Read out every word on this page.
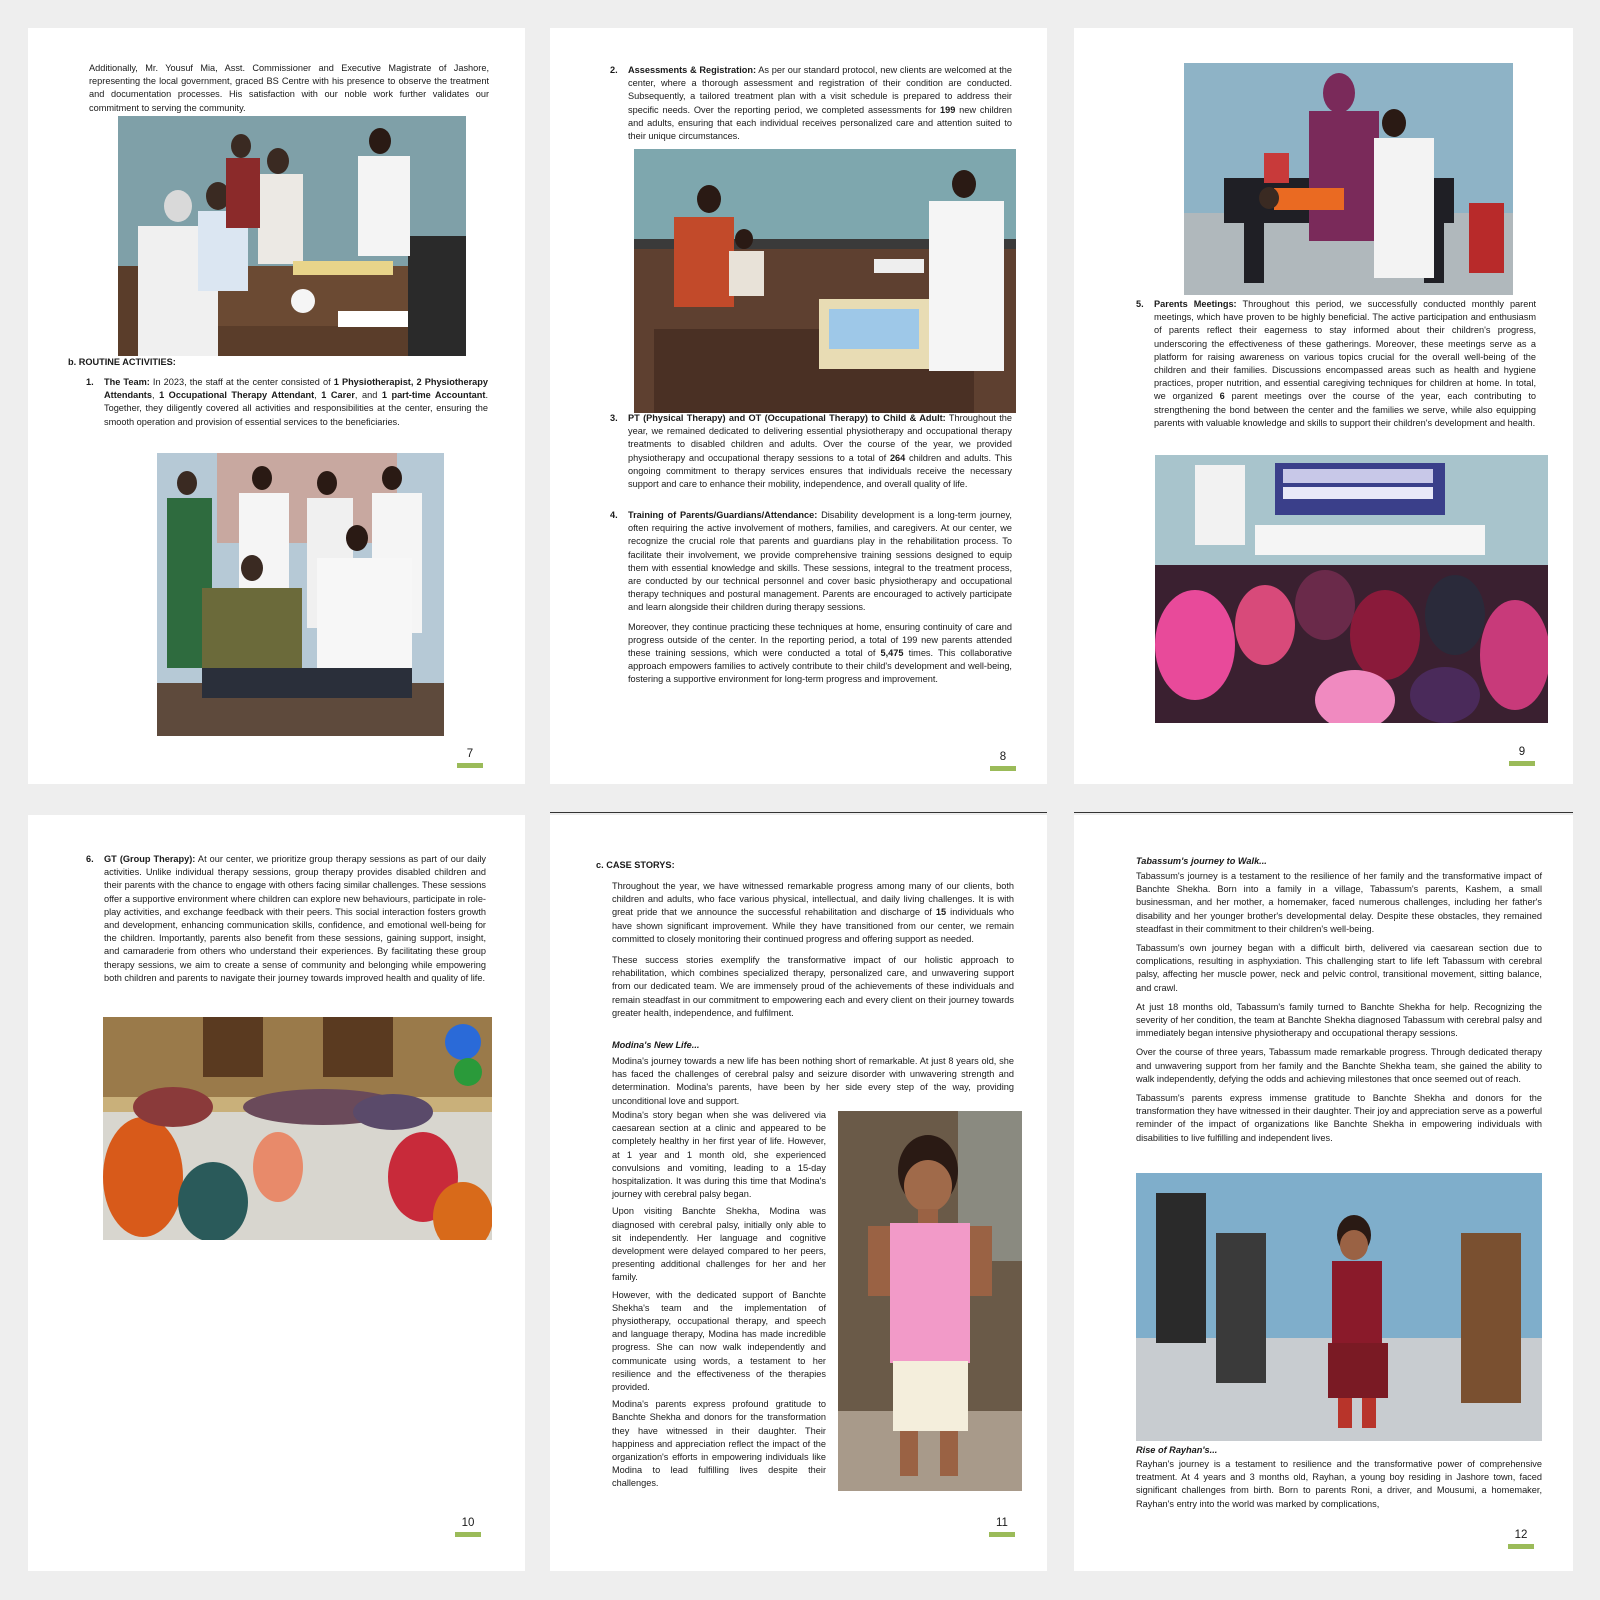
Additionally, Mr. Yousuf Mia, Asst. Commissioner and Executive Magistrate of Jashore, representing the local government, graced BS Centre with his presence to observe the treatment and documentation processes. His satisfaction with our noble work further validates our commitment to serving the community.
b. ROUTINE ACTIVITIES:
1. The Team: In 2023, the staff at the center consisted of 1 Physiotherapist, 2 Physiotherapy Attendants, 1 Occupational Therapy Attendant, 1 Carer, and 1 part-time Accountant. Together, they diligently covered all activities and responsibilities at the center, ensuring the smooth operation and provision of essential services to the beneficiaries.
7
2. Assessments & Registration: As per our standard protocol, new clients are welcomed at the center, where a thorough assessment and registration of their condition are conducted. Subsequently, a tailored treatment plan with a visit schedule is prepared to address their specific needs. Over the reporting period, we completed assessments for 199 new children and adults, ensuring that each individual receives personalized care and attention suited to their unique circumstances.
3. PT (Physical Therapy) and OT (Occupational Therapy) to Child & Adult: Throughout the year, we remained dedicated to delivering essential physiotherapy and occupational therapy treatments to disabled children and adults. Over the course of the year, we provided physiotherapy and occupational therapy sessions to a total of 264 children and adults. This ongoing commitment to therapy services ensures that individuals receive the necessary support and care to enhance their mobility, independence, and overall quality of life.

4. Training of Parents/Guardians/Attendance: Disability development is a long-term journey, often requiring the active involvement of mothers, families, and caregivers. At our center, we recognize the crucial role that parents and guardians play in the rehabilitation process. To facilitate their involvement, we provide comprehensive training sessions designed to equip them with essential knowledge and skills. These sessions, integral to the treatment process, are conducted by our technical personnel and cover basic physiotherapy and occupational therapy techniques and postural management. Parents are encouraged to actively participate and learn alongside their children during therapy sessions.

Moreover, they continue practicing these techniques at home, ensuring continuity of care and progress outside of the center. In the reporting period, a total of 199 new parents attended these training sessions, which were conducted a total of 5,475 times. This collaborative approach empowers families to actively contribute to their child's development and well-being, fostering a supportive environment for long-term progress and improvement.

8
5. Parents Meetings: Throughout this period, we successfully conducted monthly parent meetings, which have proven to be highly beneficial. The active participation and enthusiasm of parents reflect their eagerness to stay informed about their children's progress, underscoring the effectiveness of these gatherings. Moreover, these meetings serve as a platform for raising awareness on various topics crucial for the overall well-being of the children and their families. Discussions encompassed areas such as health and hygiene practices, proper nutrition, and essential caregiving techniques for children at home. In total, we organized 6 parent meetings over the course of the year, each contributing to strengthening the bond between the center and the families we serve, while also equipping parents with valuable knowledge and skills to support their children's development and health.
9
6. GT (Group Therapy): At our center, we prioritize group therapy sessions as part of our daily activities. Unlike individual therapy sessions, group therapy provides disabled children and their parents with the chance to engage with others facing similar challenges. These sessions offer a supportive environment where children can explore new behaviours, participate in role-play activities, and exchange feedback with their peers. This social interaction fosters growth and development, enhancing communication skills, confidence, and emotional well-being for the children. Importantly, parents also benefit from these sessions, gaining support, insight, and camaraderie from others who understand their experiences. By facilitating these group therapy sessions, we aim to create a sense of community and belonging while empowering both children and parents to navigate their journey towards improved health and quality of life.
10
c. CASE STORYS:

Throughout the year, we have witnessed remarkable progress among many of our clients, both children and adults, who face various physical, intellectual, and daily living challenges. It is with great pride that we announce the successful rehabilitation and discharge of 15 individuals who have shown significant improvement. While they have transitioned from our center, we remain committed to closely monitoring their continued progress and offering support as needed.

These success stories exemplify the transformative impact of our holistic approach to rehabilitation, which combines specialized therapy, personalized care, and unwavering support from our dedicated team. We are immensely proud of the achievements of these individuals and remain steadfast in our commitment to empowering each and every client on their journey towards greater health, independence, and fulfilment.

Modina's New Life...
Modina's journey towards a new life has been nothing short of remarkable. At just 8 years old, she has faced the challenges of cerebral palsy and seizure disorder with unwavering strength and determination. Modina's parents, have been by her side every step of the way, providing unconditional love and support.

Modina's story began when she was delivered via caesarean section at a clinic and appeared to be completely healthy in her first year of life. However, at 1 year and 1 month old, she experienced convulsions and vomiting, leading to a 15-day hospitalization. It was during this time that Modina's journey with cerebral palsy began.

Upon visiting Banchte Shekha, Modina was diagnosed with cerebral palsy, initially only able to sit independently. Her language and cognitive development were delayed compared to her peers, presenting additional challenges for her and her family.

However, with the dedicated support of Banchte Shekha's team and the implementation of physiotherapy, occupational therapy, and speech and language therapy, Modina has made incredible progress. She can now walk independently and communicate using words, a testament to her resilience and the effectiveness of the therapies provided.

Modina's parents express profound gratitude to Banchte Shekha and donors for the transformation they have witnessed in their daughter. Their happiness and appreciation reflect the impact of the organization's efforts in empowering individuals like Modina to lead fulfilling lives despite their challenges.

11
Tabassum's journey to Walk...

Tabassum's journey is a testament to the resilience of her family and the transformative impact of Banchte Shekha. Born into a family in a village, Tabassum's parents, Kashem, a small businessman, and her mother, a homemaker, faced numerous challenges, including her father's disability and her younger brother's developmental delay. Despite these obstacles, they remained steadfast in their commitment to their children's well-being.

Tabassum's own journey began with a difficult birth, delivered via caesarean section due to complications, resulting in asphyxiation. This challenging start to life left Tabassum with cerebral palsy, affecting her muscle power, neck and pelvic control, transitional movement, sitting balance, and crawl.

At just 18 months old, Tabassum's family turned to Banchte Shekha for help. Recognizing the severity of her condition, the team at Banchte Shekha diagnosed Tabassum with cerebral palsy and immediately began intensive physiotherapy and occupational therapy sessions.

Over the course of three years, Tabassum made remarkable progress. Through dedicated therapy and unwavering support from her family and the Banchte Shekha team, she gained the ability to walk independently, defying the odds and achieving milestones that once seemed out of reach.

Tabassum's parents express immense gratitude to Banchte Shekha and donors for the transformation they have witnessed in their daughter. Their joy and appreciation serve as a powerful reminder of the impact of organizations like Banchte Shekha in empowering individuals with disabilities to live fulfilling and independent lives.

Rise of Rayhan's...
Rayhan's journey is a testament to resilience and the transformative power of comprehensive treatment. At 4 years and 3 months old, Rayhan, a young boy residing in Jashore town, faced significant challenges from birth. Born to parents Roni, a driver, and Mousumi, a homemaker, Rayhan's entry into the world was marked by complications,
12
